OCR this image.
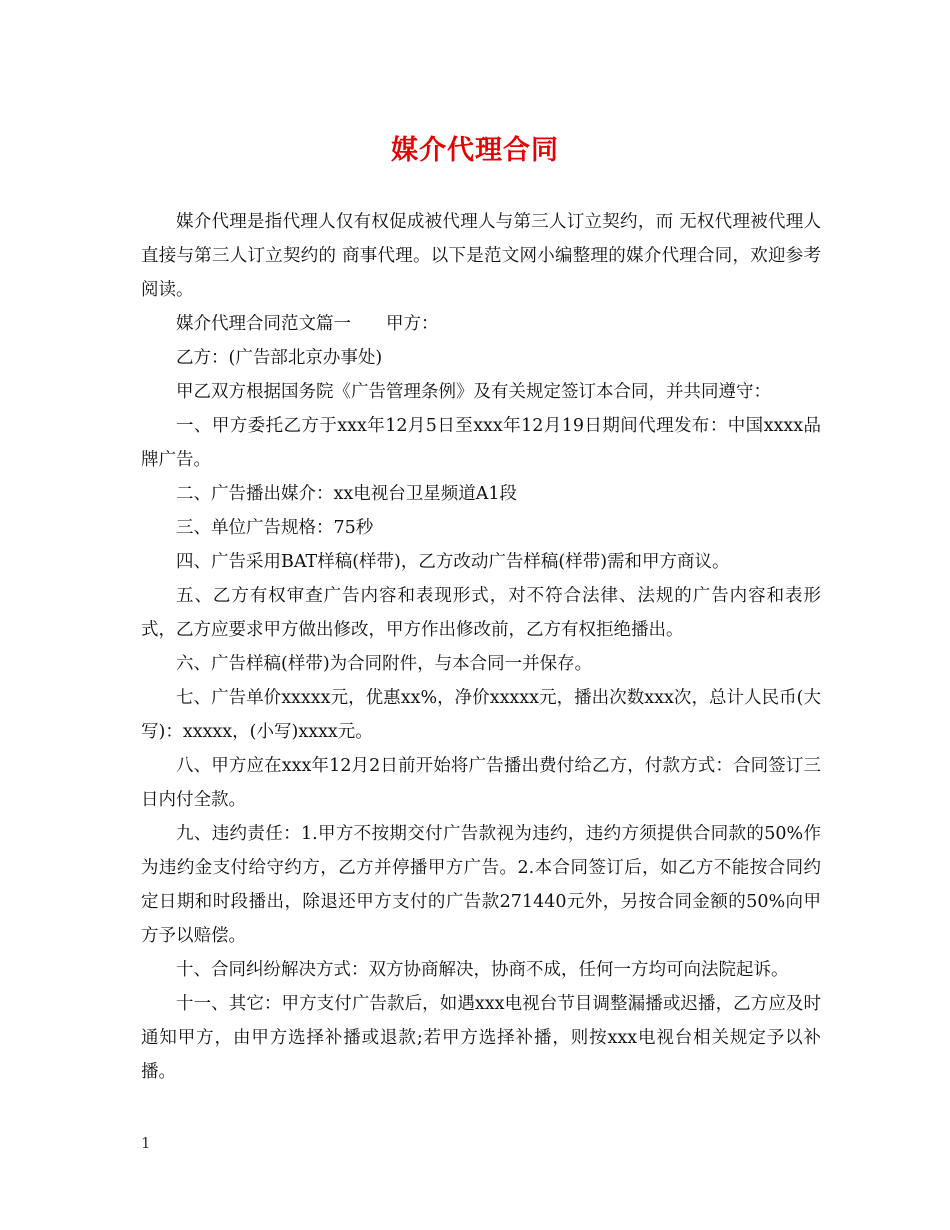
媒介代理合同

媒介代理是指代理人仅有权促成被代理人与第三人订立契约，而 无权代理被代理人直接与第三人订立契约的 商事代理。以下是范文网小编整理的媒介代理合同，欢迎参考阅读。

媒介代理合同范文篇一　　甲方：

乙方：(广告部北京办事处)

甲乙双方根据国务院《广告管理条例》及有关规定签订本合同，并共同遵守：

一、甲方委托乙方于xxx年12月5日至xxx年12月19日期间代理发布：中国xxxx品牌广告。

二、广告播出媒介：xx电视台卫星频道A1段

三、单位广告规格：75秒

四、广告采用BAT样稿(样带)，乙方改动广告样稿(样带)需和甲方商议。

五、乙方有权审查广告内容和表现形式，对不符合法律、法规的广告内容和表形式，乙方应要求甲方做出修改，甲方作出修改前，乙方有权拒绝播出。

六、广告样稿(样带)为合同附件，与本合同一并保存。

七、广告单价xxxxx元，优惠xx%，净价xxxxx元，播出次数xxx次，总计人民币(大写)：xxxxx，(小写)xxxx元。

八、甲方应在xxx年12月2日前开始将广告播出费付给乙方，付款方式：合同签订三日内付全款。

九、违约责任：1.甲方不按期交付广告款视为违约，违约方须提供合同款的50%作为违约金支付给守约方，乙方并停播甲方广告。2.本合同签订后，如乙方不能按合同约定日期和时段播出，除退还甲方支付的广告款271440元外，另按合同金额的50%向甲方予以赔偿。

十、合同纠纷解决方式：双方协商解决，协商不成，任何一方均可向法院起诉。

十一、其它：甲方支付广告款后，如遇xxx电视台节目调整漏播或迟播，乙方应及时通知甲方，由甲方选择补播或退款;若甲方选择补播，则按xxx电视台相关规定予以补播。

1
